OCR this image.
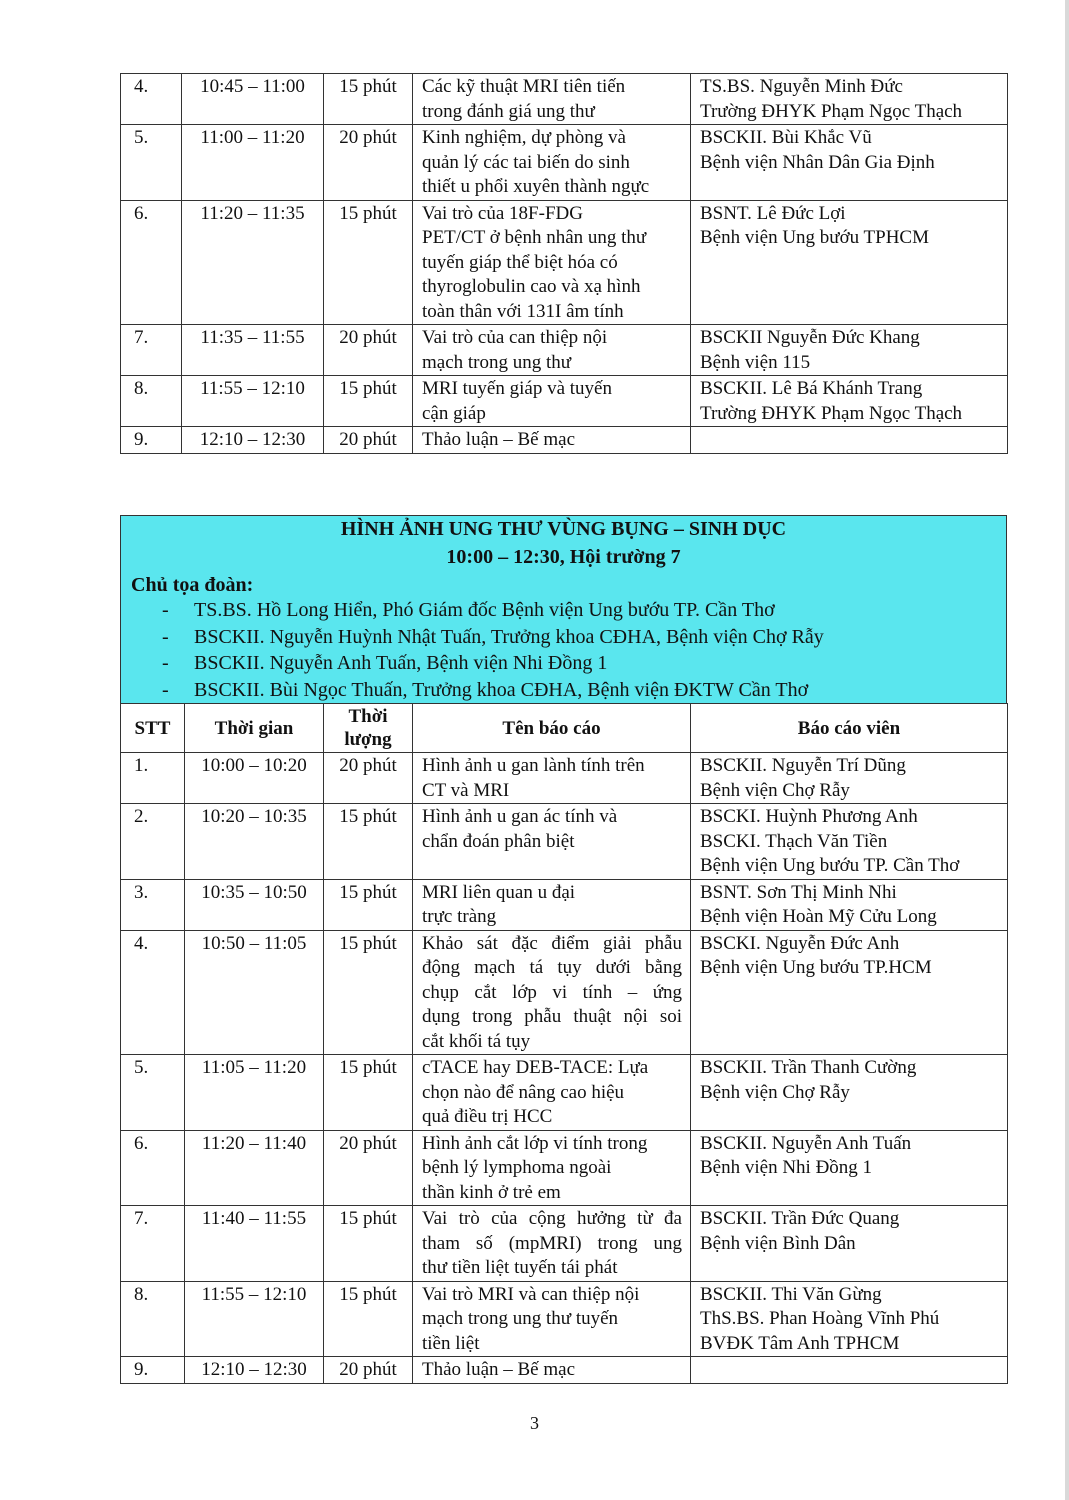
4.	10:45 – 11:00	15 phút	Các kỹ thuật MRI tiên tiến
trong đánh giá ung thư	TS.BS. Nguyễn Minh Đức
Trường ĐHYK Phạm Ngọc Thạch

5.	11:00 – 11:20	20 phút	Kinh nghiệm, dự phòng và
quản lý các tai biến do sinh
thiết u phổi xuyên thành ngực	BSCKII. Bùi Khắc Vũ
Bệnh viện Nhân Dân Gia Định

6.	11:20 – 11:35	15 phút	Vai trò của 18F-FDG
PET/CT ở bệnh nhân ung thư
tuyến giáp thể biệt hóa có
thyroglobulin cao và xạ hình
toàn thân với 131I âm tính	BSNT. Lê Đức Lợi
Bệnh viện Ung bướu TPHCM

7.	11:35 – 11:55	20 phút	Vai trò của can thiệp nội
mạch trong ung thư	BSCKII Nguyễn Đức Khang
Bệnh viện 115

8.	11:55 – 12:10	15 phút	MRI tuyến giáp và tuyến
cận giáp	BSCKII. Lê Bá Khánh Trang
Trường ĐHYK Phạm Ngọc Thạch

9.	12:10 – 12:30	20 phút	Thảo luận – Bế mạc	

HÌNH ẢNH UNG THƯ VÙNG BỤNG – SINH DỤC
10:00 – 12:30, Hội trường 7
Chủ tọa đoàn:
- TS.BS. Hồ Long Hiển, Phó Giám đốc Bệnh viện Ung bướu TP. Cần Thơ
- BSCKII. Nguyễn Huỳnh Nhật Tuấn, Trưởng khoa CĐHA, Bệnh viện Chợ Rẫy
- BSCKII. Nguyễn Anh Tuấn, Bệnh viện Nhi Đồng 1
- BSCKII. Bùi Ngọc Thuấn, Trưởng khoa CĐHA, Bệnh viện ĐKTW Cần Thơ
STT	Thời gian	Thời
lượng	Tên báo cáo	Báo cáo viên
1.	10:00 – 10:20	20 phút	Hình ảnh u gan lành tính trên
CT và MRI	BSCKII. Nguyễn Trí Dũng
Bệnh viện Chợ Rẫy

2.	10:20 – 10:35	15 phút	Hình ảnh u gan ác tính và
chẩn đoán phân biệt	BSCKI. Huỳnh Phương Anh
BSCKI. Thạch Văn Tiền
Bệnh viện Ung bướu TP. Cần Thơ

3.	10:35 – 10:50	15 phút	MRI liên quan u đại
trực tràng	BSNT. Sơn Thị Minh Nhi
Bệnh viện Hoàn Mỹ Cửu Long

4.	10:50 – 11:05	15 phút	Khảo sát đặc điểm giải phẫu
động mạch tá tụy dưới bằng
chụp cắt lớp vi tính – ứng
dụng trong phẫu thuật nội soi
cắt khối tá tụy	BSCKI. Nguyễn Đức Anh
Bệnh viện Ung bướu TP.HCM

5.	11:05 – 11:20	15 phút	cTACE hay DEB-TACE: Lựa
chọn nào để nâng cao hiệu
quả điều trị HCC	BSCKII. Trần Thanh Cường
Bệnh viện Chợ Rẫy

6.	11:20 – 11:40	20 phút	Hình ảnh cắt lớp vi tính trong
bệnh lý lymphoma ngoài
thần kinh ở trẻ em	BSCKII. Nguyễn Anh Tuấn
Bệnh viện Nhi Đồng 1

7.	11:40 – 11:55	15 phút	Vai trò của cộng hưởng từ đa
tham số (mpMRI) trong ung
thư tiền liệt tuyến tái phát	BSCKII. Trần Đức Quang
Bệnh viện Bình Dân

8.	11:55 – 12:10	15 phút	Vai trò MRI và can thiệp nội
mạch trong ung thư tuyến
tiền liệt	BSCKII. Thi Văn Gừng
ThS.BS. Phan Hoàng Vĩnh Phú
BVĐK Tâm Anh TPHCM

9.	12:10 – 12:30	20 phút	Thảo luận – Bế mạc	

3
